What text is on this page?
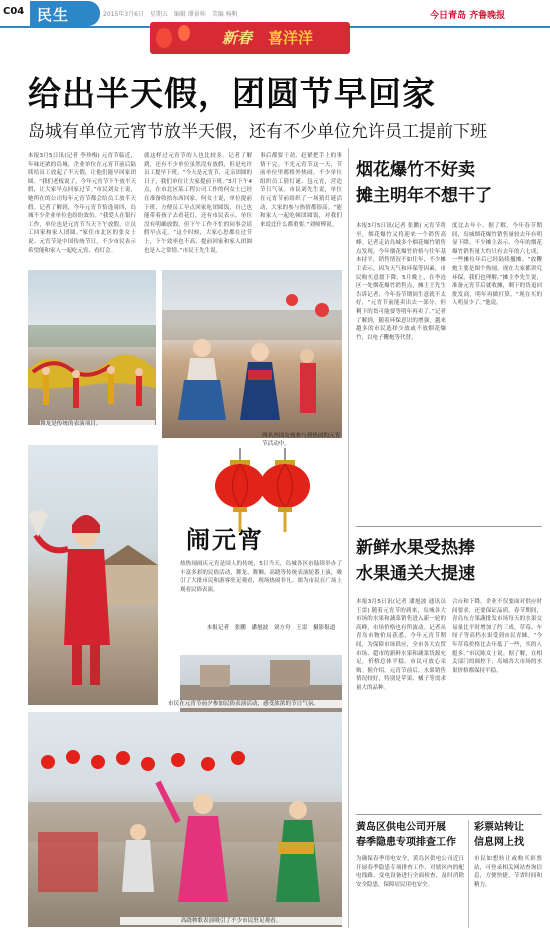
C04 民生	2015年3月6日　星期五　编辑 谭景帅　美编 杨帆	今日青岛 齐鲁晚报
新春 喜洋洋
给出半天假，团圆节早回家
岛城有单位元宵节放半天假，还有不少单位允许员工提前下班
本报3月5日讯(记者 李珍梅) 元宵节临近，年味还浓的岛城，企业单位在元宵节前后陆续给员工放起了半天假，让他们能早回家团圆。“我们老板说了，今年元宵节下午放半天假，让大家早点回家过节。”市民刘女士说，她所在的公司每年元宵节都会给员工放半天假。记者了解到，今年元宵节恰逢周四，岛城不少企业单位也纷纷效仿。“我爱人在银行工作，单位也是元宵节当天下午放假，让员工回家和家人团圆。”家住市北区的张女士说。元宵节是中国传统节日，不少市民表示希望能和家人一起吃元宵、看灯会。
就这样过元宵节的人也比较多。记者了解到，还有不少单位虽然没有放假，但是允许员工提早下班。“今天是元宵节，走亲团圆的日子，我们单位让大家提前下班。”3月下午4点，在市北区某工程公司工作的何女士已经在准备收拾东西回家。何女士说，单位提前下班，方便员工早点回家吃团圆饭，自己也能带着孩子去看花灯。还有市民表示，单位没有明确放假，但下午工作不忙的同事会请假早点走。“这个时候，大家心思都在过节上，下午效率也不高，提前回家和家人团圆也是人之常情。”市民王先生说。
事后都要干劲，赶紧把手上的事情干完。不光元宵节这一天，节前单位里都格外热闹，不少单位组织员工猜灯谜、包元宵，营造节日气氛。市民刘先生说，单位在元宵节前组织了一场猜灯谜活动，大家的参与热情都很高。“能和家人一起吃顿团圆饭，对我们来说比什么都重要。”刘师傅说。
舞龙是传统的表演项目。
两名外国女孩参与到热闹的元宵节活动中。
闹元宵
热热闹闹庆元宵是国人的传统，5日当天，岛城各区市陆续举办了丰富多彩的民俗活动，舞龙、舞狮、高跷等传统表演轮番上演，吸引了大批市民和游客驻足观看，现场热闹非凡。图为市民在广场上观看民俗表演。
本报记者　张鹏　潘旭波　刘方舟　王雷　摄影报道
市民在元宵节前夕参加民俗表演活动，感受浓浓的节日气氛。
高跷秧歌表演吸引了不少市民驻足观看。
烟花爆竹不好卖
摊主明年不想干了
本报3月5日讯(记者 张鹏) 元宵节将至，烟花爆竹又将迎来一个销售高峰。记者走访岛城多个烟花爆竹销售点发现，今年烟花爆竹价格与往年基本持平，销售情况不如往年，不少摊主表示，因为天气和环保等因素，市民购买意愿下降。5月晚上，在李沧区一处烟花爆竹销售点，摊主王先生告诉记者，今年春节期间生意就不太好，“元宵节前能卖出去一部分，但剩下的货可能要等明年再卖了。”记者了解到，随着环保意识的增强，越来越多的市民选择少放或不放烟花爆竹，以电子鞭炮等代替。
度比去年小。据了解，今年春节期间，岛城烟花爆竹销售量较去年有明显下降。不少摊主表示，今年的烟花爆竹销售量大约只有去年的六七成，一些摊位年后已经陆续撤摊。“放鞭炮主要是图个热闹，现在大家都讲究环保，我们也理解。”摊主李先生说，准备元宵节后就收摊，剩下的货退回批发商，明年再做打算。“现在买的人明显少了。”他说。
新鲜水果受热捧
水果通关大提速
本报3月5日讯(记者 潘旭波 通讯员 王雷) 随着元宵节的到来，岛城各大市场的水果和蔬菜销售进入新一轮的高峰，市场价格也有所波动。记者从青岛市物价局获悉，今年元宵节期间，为保障市场供应，全市各大农贸市场、超市的新鲜水果和蔬菜货源充足，价格总体平稳。市民可放心采购。据介绍，元宵节前后，水果销售情况较好，特别是苹果、橘子等需求量大的品种。
合台和下降，企业不仅要面对供应时间要求，还要保证品质。春节期间，青岛东方果蔬批发市场每天的水果交易量比平时增加了约三成，草莓、车厘子等高档水果受到市民青睐。“今年草莓价格比去年低了一些，买的人挺多。”市民陈女士说。据了解，在相关部门的调控下，岛城各大市场的水果价格都保持平稳。
黄岛区供电公司开展
春季隐患专项排查工作
为确保春季用电安全，黄岛区供电公司近日开展春季隐患专项排查工作，对辖区内的配电线路、变电设备进行全面检查，及时消除安全隐患，保障居民用电安全。
彩票站转让
信息网上找
市民如想转让或购买彩票站，可登录相关网站查询信息，方便快捷，节省时间和精力。
